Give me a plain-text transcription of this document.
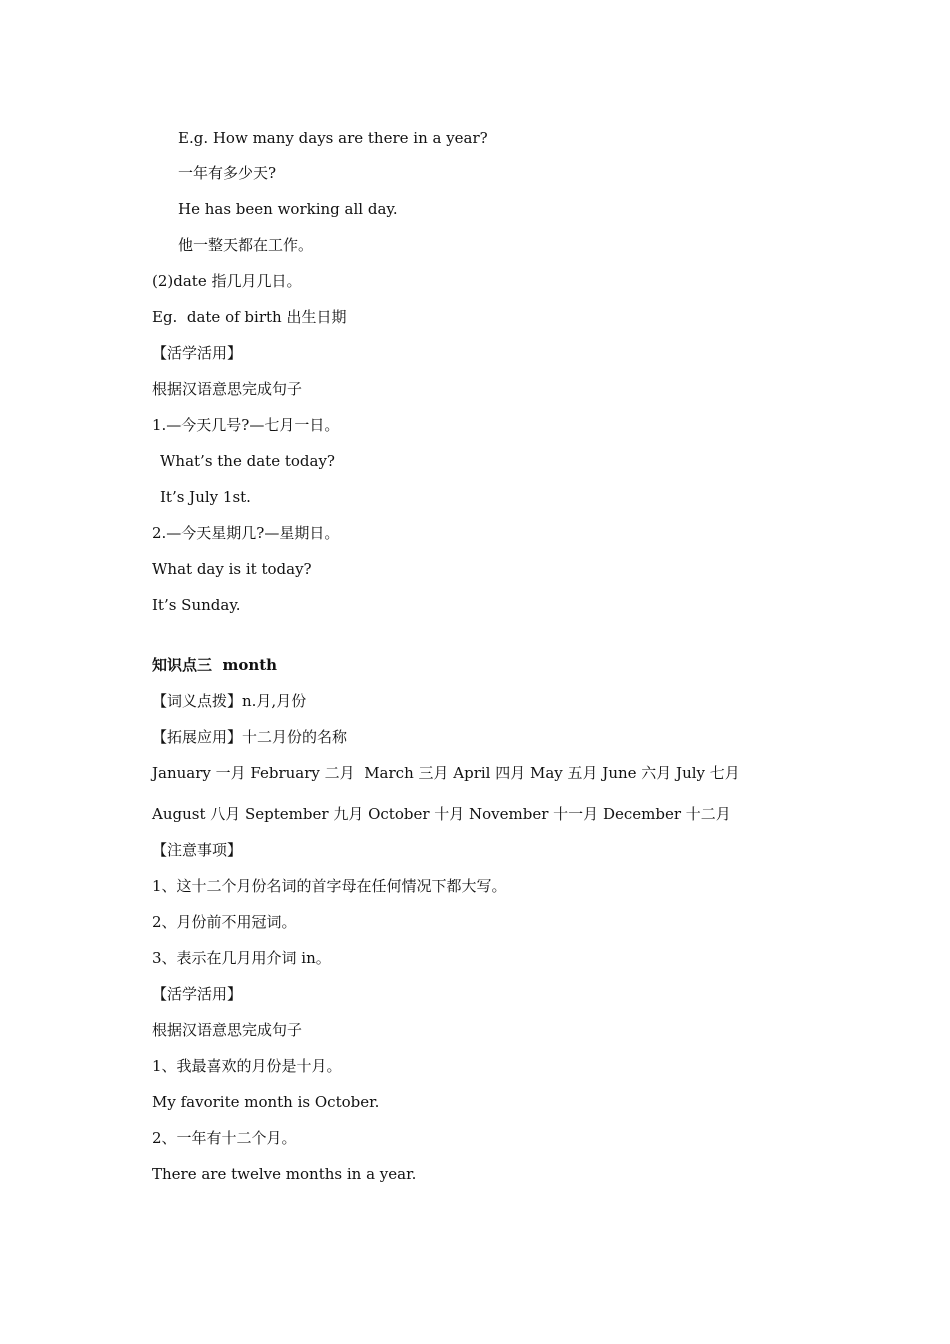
E.g. How many days are there in a year?
一年有多少天?
He has been working all day.
他一整天都在工作。
(2)date 指几月几日。
Eg.  date of birth 出生日期
【活学活用】
根据汉语意思完成句子
1.—今天几号?—七月一日。
What’s the date today?
It’s July 1st.
2.—今天星期几?—星期日。
What day is it today?
It’s Sunday.
知识点三  month
【词义点拨】n.月,月份
【拓展应用】十二月份的名称
January 一月 February 二月  March 三月 April 四月 May 五月 June 六月 July 七月
August 八月 September 九月 October 十月 November 十一月 December 十二月
【注意事项】
1、这十二个月份名词的首字母在任何情况下都大写。
2、月份前不用冠词。
3、表示在几月用介词 in。
【活学活用】
根据汉语意思完成句子
1、我最喜欢的月份是十月。
My favorite month is October.
2、一年有十二个月。
There are twelve months in a year.
